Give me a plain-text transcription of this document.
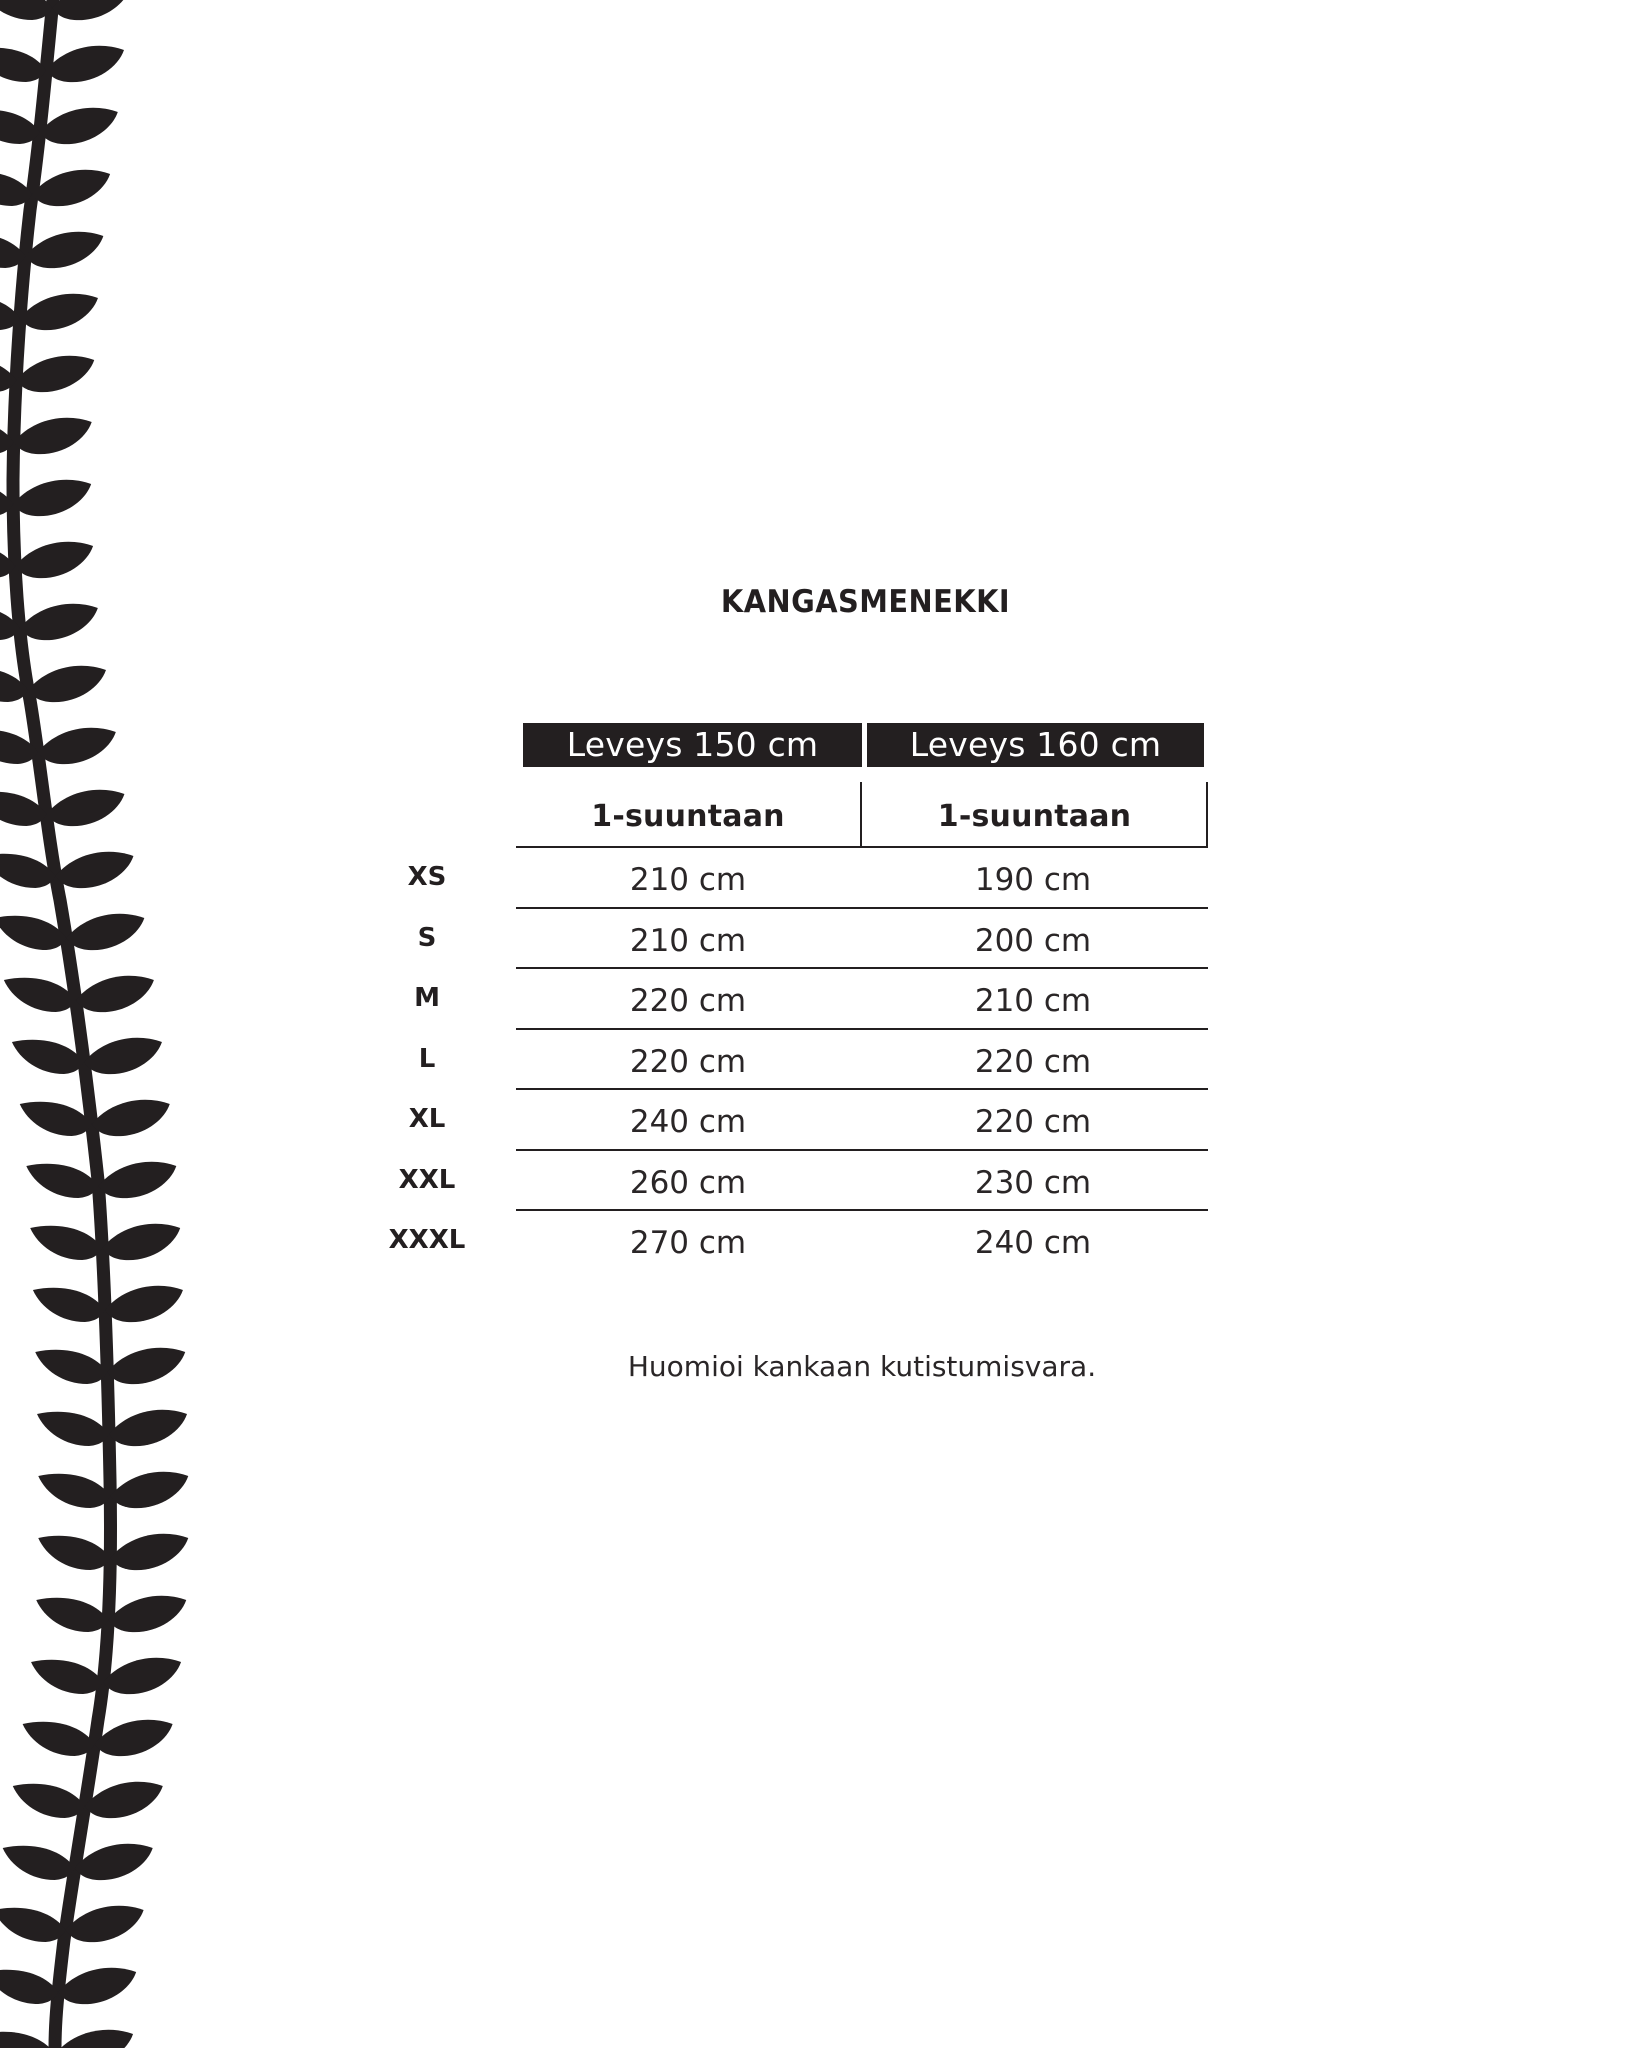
KANGASMENEKKI
Leveys 150 cm	Leveys 160 cm
1-suuntaan	1-suuntaan
XS	210 cm	190 cm
S	210 cm	200 cm
M	220 cm	210 cm
L	220 cm	220 cm
XL	240 cm	220 cm
XXL	260 cm	230 cm
XXXL	270 cm	240 cm
Huomioi kankaan kutistumisvara.
